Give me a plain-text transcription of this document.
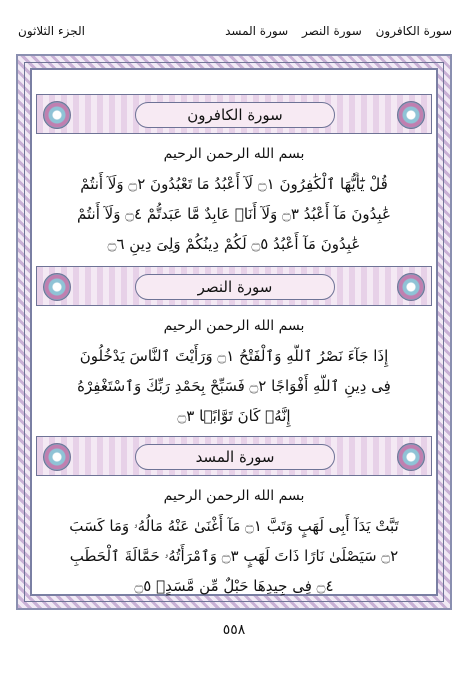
سورة الكافرون سورة النصر سورة المسد
الجزء الثلاثون
سورة الكافرون
بسم الله الرحمن الرحيم
قُلْ يَٰٓأَيُّهَا ٱلْكَٰفِرُونَ ۝١ لَآ أَعْبُدُ مَا تَعْبُدُونَ ۝٢ وَلَآ أَنتُمْ
عَٰبِدُونَ مَآ أَعْبُدُ ۝٣ وَلَآ أَنَا۠ عَابِدٌ مَّا عَبَدتُّمْ ۝٤ وَلَآ أَنتُمْ
عَٰبِدُونَ مَآ أَعْبُدُ ۝٥ لَكُمْ دِينُكُمْ وَلِىَ دِينِ ۝٦
سورة النصر
بسم الله الرحمن الرحيم
إِذَا جَآءَ نَصْرُ ٱللَّهِ وَٱلْفَتْحُ ۝١ وَرَأَيْتَ ٱلنَّاسَ يَدْخُلُونَ
فِى دِينِ ٱللَّهِ أَفْوَاجًا ۝٢ فَسَبِّحْ بِحَمْدِ رَبِّكَ وَٱسْتَغْفِرْهُ
إِنَّهُۥ كَانَ تَوَّابًۢا ۝٣
سورة المسد
بسم الله الرحمن الرحيم
تَبَّتْ يَدَآ أَبِى لَهَبٍ وَتَبَّ ۝١ مَآ أَغْنَىٰ عَنْهُ مَالُهُۥ وَمَا كَسَبَ
۝٢ سَيَصْلَىٰ نَارًا ذَاتَ لَهَبٍ ۝٣ وَٱمْرَأَتُهُۥ حَمَّالَةَ ٱلْحَطَبِ
۝٤ فِى جِيدِهَا حَبْلٌ مِّن مَّسَدٍۭ ۝٥
٥٥٨
